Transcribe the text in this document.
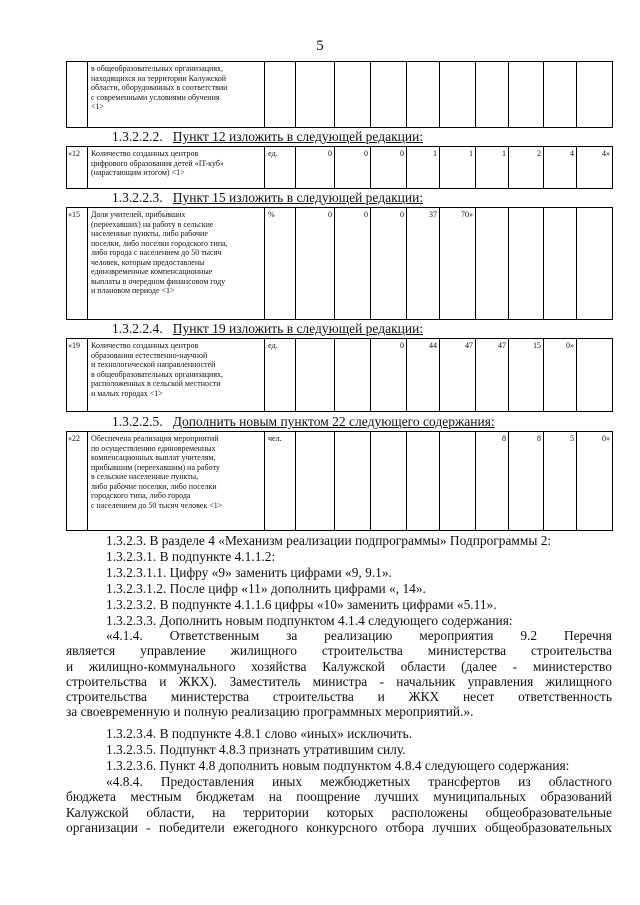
5
	в общеобразовательных организациях,
находящихся на территории Калужской
области, оборудованных в соответствии
с современными условиями обучения
<1>										
1.3.2.2.2. Пункт 12 изложить в следующей редакции:
«12	Количество созданных центров
цифрового образования детей «IT-куб»
(нарастающим итогом) <1>	ед.	0	0	0	1	1	1	2	4	4»
1.3.2.2.3. Пункт 15 изложить в следующей редакции:
«15	Доля учителей, прибывших
(переехавших) на работу в сельские
населенные пункты, либо рабочие
поселки, либо поселки городского типа,
либо города с населением до 50 тысяч
человек, которым предоставлены
единовременные компенсационные
выплаты в очередном финансовом году
и плановом периоде <1>	%	0	0	0	37	70»				
1.3.2.2.4. Пункт 19 изложить в следующей редакции:
«19	Количество созданных центров
образования естественно-научной
и технологической направленностей
в общеобразовательных организациях,
расположенных в сельской местности
и малых городах <1>	ед.			0	44	47	47	15	0»	
1.3.2.2.5. Дополнить новым пунктом 22 следующего содержания:
«22	Обеспечена реализация мероприятий
по осуществлению единовременных
компенсационных выплат учителям,
прибывшим (переехавшим) на работу
в сельские населенные пункты,
либо рабочие поселки, либо поселки
городского типа, либо города
с населением до 50 тысяч человек <1>	чел.						8	8	5	0»
1.3.2.3. В разделе 4 «Механизм реализации подпрограммы» Подпрограммы 2:
1.3.2.3.1. В подпункте 4.1.1.2:
1.3.2.3.1.1. Цифру «9» заменить цифрами «9, 9.1».
1.3.2.3.1.2. После цифр «11» дополнить цифрами «, 14».
1.3.2.3.2. В подпункте 4.1.1.6 цифры «10» заменить цифрами «5.11».
1.3.2.3.3. Дополнить новым подпунктом 4.1.4 следующего содержания:
«4.1.4. Ответственным за реализацию мероприятия 9.2 Перечня
является управление жилищного строительства министерства строительства
и жилищно-коммунального хозяйства Калужской области (далее - министерство
строительства и ЖКХ). Заместитель министра - начальник управления жилищного
строительства министерства строительства и ЖКХ несет ответственность
за своевременную и полную реализацию программных мероприятий.».
1.3.2.3.4. В подпункте 4.8.1 слово «иных» исключить.
1.3.2.3.5. Подпункт 4.8.3 признать утратившим силу.
1.3.2.3.6. Пункт 4.8 дополнить новым подпунктом 4.8.4 следующего содержания:
«4.8.4. Предоставления иных межбюджетных трансфертов из областного
бюджета местным бюджетам на поощрение лучших муниципальных образований
Калужской области, на территории которых расположены общеобразовательные
организации - победители ежегодного конкурсного отбора лучших общеобразовательных
